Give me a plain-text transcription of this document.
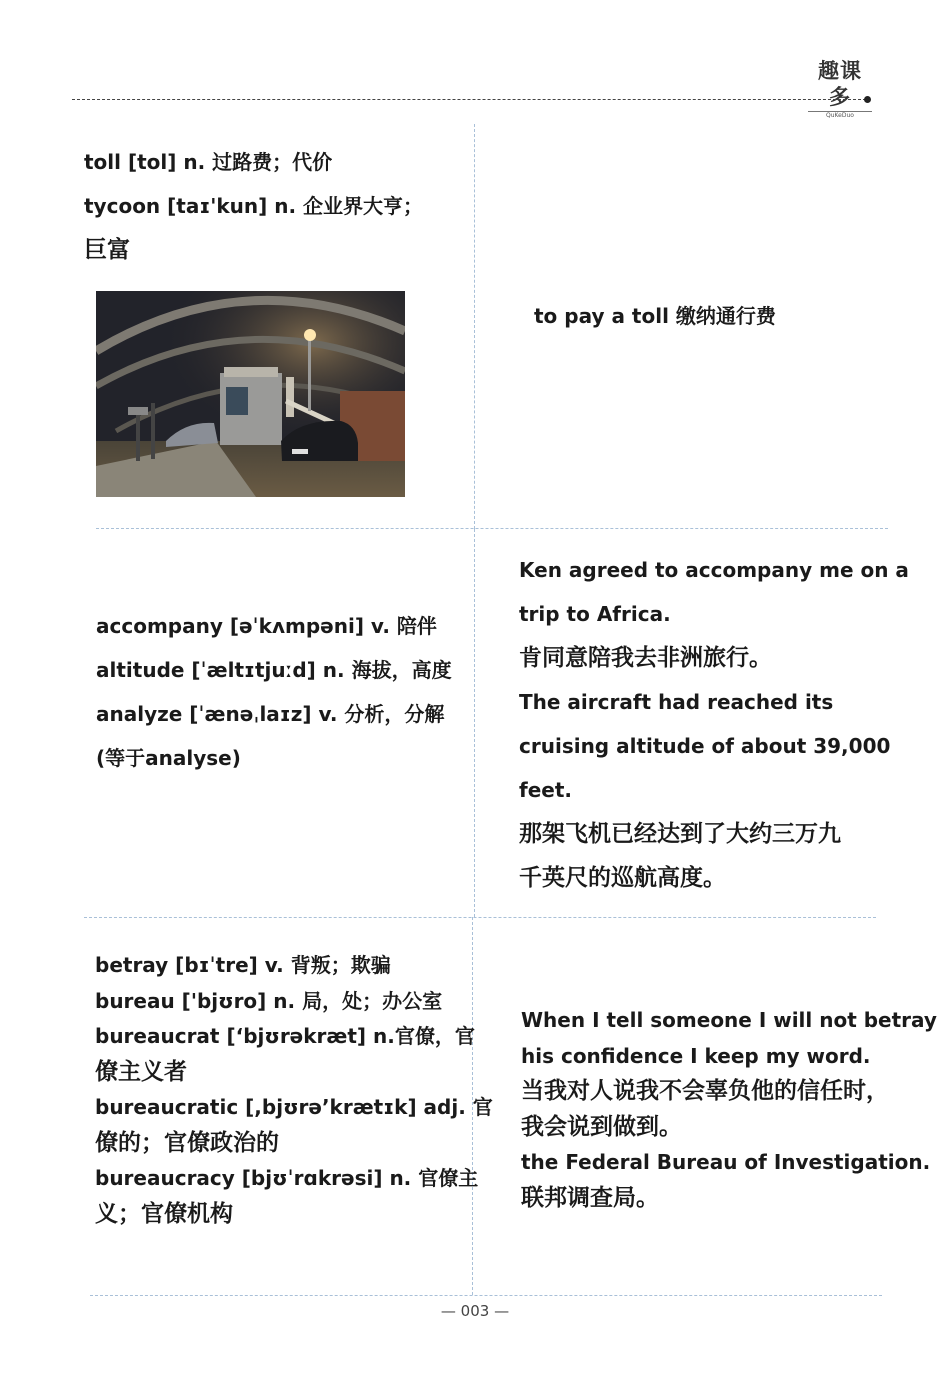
趣课多
QuKeDuo
toll [tol] n. 过路费；代价
tycoon [taɪ'kun] n. 企业界大亨；
巨富
to pay a toll 缴纳通行费
accompany [əˈkʌmpəni] v. 陪伴
altitude [ˈæltɪtjuːd] n. 海拔，高度
analyze [ˈænəˌlaɪz] v. 分析，分解
(等于analyse)
Ken agreed to accompany me on a
trip to Africa.
肯同意陪我去非洲旅行。
The aircraft had reached its
cruising altitude of about 39,000
feet.
那架飞机已经达到了大约三万九
千英尺的巡航高度。
betray [bɪˈtre] v. 背叛；欺骗
bureau ['bjʊro] n. 局，处；办公室
bureaucrat [‘bjʊrəkræt] n.官僚，官
僚主义者
bureaucratic [,bjʊrə’krætɪk] adj. 官
僚的；官僚政治的
bureaucracy [bjʊˈrɑkrəsi] n. 官僚主
义；官僚机构
When I tell someone I will not betray
his confidence I keep my word.
当我对人说我不会辜负他的信任时，
我会说到做到。
the Federal Bureau of Investigation.
联邦调查局。
— 003 —
